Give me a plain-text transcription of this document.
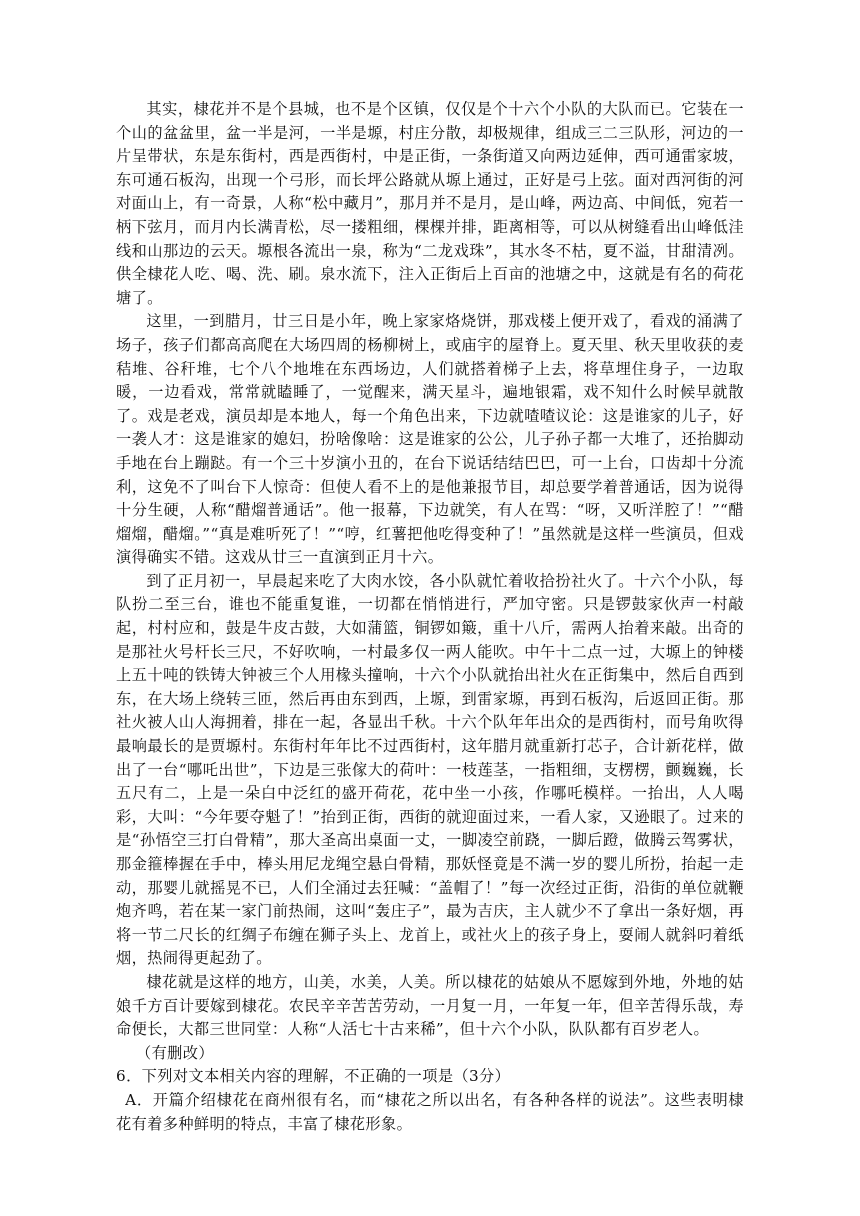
其实，棣花并不是个县城，也不是个区镇，仅仅是个十六个小队的大队而已。它装在一个山的盆盆里，盆一半是河，一半是塬，村庄分散，却极规律，组成三二三队形，河边的一片呈带状，东是东街村，西是西街村，中是正街，一条街道又向两边延伸，西可通雷家坡，东可通石板沟，出现一个弓形，而长坪公路就从塬上通过，正好是弓上弦。面对西河街的河对面山上，有一奇景，人称“松中藏月”，那月并不是月，是山峰，两边高、中间低，宛若一柄下弦月，而月内长满青松，尽一搂粗细，棵棵并排，距离相等，可以从树缝看出山峰低洼线和山那边的云天。塬根各流出一泉，称为“二龙戏珠”，其水冬不枯，夏不溢，甘甜清冽。供全棣花人吃、喝、洗、刷。泉水流下，注入正街后上百亩的池塘之中，这就是有名的荷花塘了。

这里，一到腊月，廿三日是小年，晚上家家烙烧饼，那戏楼上便开戏了，看戏的涌满了场子，孩子们都高高爬在大场四周的杨柳树上，或庙宇的屋脊上。夏天里、秋天里收获的麦秸堆、谷秆堆，七个八个地堆在东西场边，人们就搭着梯子上去，将草埋住身子，一边取暖，一边看戏，常常就瞌睡了，一觉醒来，满天星斗，遍地银霜，戏不知什么时候早就散了。戏是老戏，演员却是本地人，每一个角色出来，下边就喳喳议论：这是谁家的儿子，好一袭人才：这是谁家的媳妇，扮啥像啥：这是谁家的公公，儿子孙子都一大堆了，还抬脚动手地在台上蹦跶。有一个三十岁演小丑的，在台下说话结结巴巴，可一上台，口齿却十分流利，这免不了叫台下人惊奇：但使人看不上的是他兼报节目，却总要学着普通话，因为说得十分生硬，人称“醋熘普通话”。他一报幕，下边就笑，有人在骂：“呀，又听洋腔了！”“醋熘熘，醋熘。”“真是难听死了！”“哼，红薯把他吃得变种了！”虽然就是这样一些演员，但戏演得确实不错。这戏从廿三一直演到正月十六。

到了正月初一，早晨起来吃了大肉水饺，各小队就忙着收拾扮社火了。十六个小队，每队扮二至三台，谁也不能重复谁，一切都在悄悄进行，严加守密。只是锣鼓家伙声一村敲起，村村应和，鼓是牛皮古鼓，大如蒲篮，铜锣如簸，重十八斤，需两人抬着来敲。出奇的是那社火号杆长三尺，不好吹响，一村最多仅一两人能吹。中午十二点一过，大塬上的钟楼上五十吨的铁铸大钟被三个人用椽头撞响，十六个小队就抬出社火在正街集中，然后自西到东，在大场上绕转三匝，然后再由东到西，上塬，到雷家塬，再到石板沟，后返回正街。那社火被人山人海拥着，排在一起，各显出千秋。十六个队年年出众的是西街村，而号角吹得最响最长的是贾塬村。东街村年年比不过西街村，这年腊月就重新打芯子，合计新花样，做出了一台“哪吒出世”，下边是三张傢大的荷叶：一枝莲茎，一指粗细，支楞楞，颤巍巍，长五尺有二，上是一朵白中泛红的盛开荷花，花中坐一小孩，作哪吒模样。一抬出，人人喝彩，大叫：“今年要夺魁了！”抬到正街，西街的就迎面过来，一看人家，又逊眼了。过来的是“孙悟空三打白骨精”，那大圣高出桌面一丈，一脚凌空前跷，一脚后蹬，做腾云驾雾状，那金箍棒握在手中，棒头用尼龙绳空悬白骨精，那妖怪竟是不满一岁的婴儿所扮，抬起一走动，那婴儿就摇晃不已，人们全涌过去狂喊：“盖帽了！”每一次经过正街，沿街的单位就鞭炮齐鸣，若在某一家门前热闹，这叫“轰庄子”，最为吉庆，主人就少不了拿出一条好烟，再将一节二尺长的红绸子布缠在狮子头上、龙首上，或社火上的孩子身上，耍闹人就斜叼着纸烟，热闹得更起劲了。

棣花就是这样的地方，山美，水美，人美。所以棣花的姑娘从不愿嫁到外地，外地的姑娘千方百计要嫁到棣花。农民辛辛苦苦劳动，一月复一月，一年复一年，但辛苦得乐哉，寿命便长，大都三世同堂：人称“人活七十古来稀”，但十六个小队，队队都有百岁老人。

（有删改）

6．下列对文本相关内容的理解，不正确的一项是（3分）

A．开篇介绍棣花在商州很有名，而“棣花之所以出名，有各种各样的说法”。这些表明棣花有着多种鲜明的特点，丰富了棣花形象。
